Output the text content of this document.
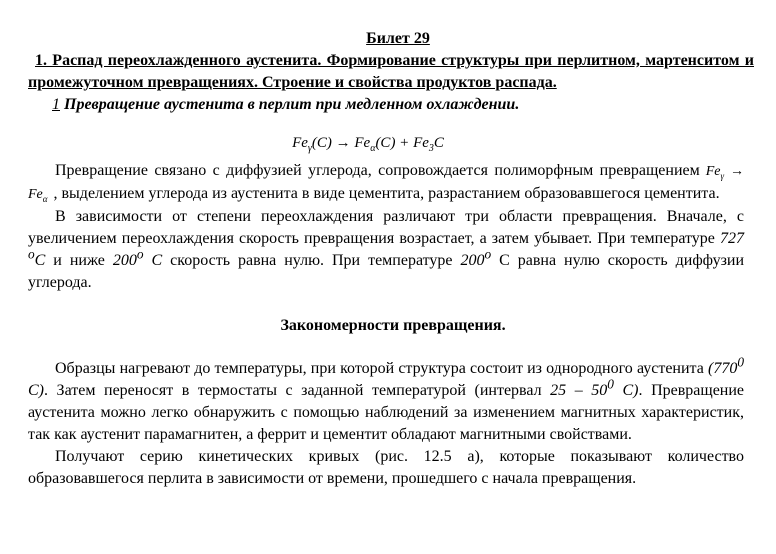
Билет 29

1. Распад переохлажденного аустенита. Формирование структуры при перлитном, мартенситом и промежуточном превращениях. Строение и свойства продуктов распада.

1 Превращение аустенита в перлит при медленном охлаждении.

$Fe_\gamma(C) \to Fe_\alpha(C) + Fe_3C$

Превращение связано с диффузией углерода, сопровождается полиморфным превращением $Fe_\gamma \to Fe_\alpha$ , выделением углерода из аустенита в виде цементита, разрастанием образовавшегося цементита.

В зависимости от степени переохлаждения различают три области превращения. Вначале, с увеличением переохлаждения скорость превращения возрастает, а затем убывает. При температуре 727 $^о$С и ниже $200^о$ С скорость равна нулю. При температуре $200^о$ С равна нулю скорость диффузии углерода.

Закономерности превращения.

Образцы нагревают до температуры, при которой структура состоит из однородного аустенита ($770^0$ С). Затем переносят в термостаты с заданной температурой (интервал $25 - 50^0$ С). Превращение аустенита можно легко обнаружить с помощью наблюдений за изменением магнитных характеристик, так как аустенит парамагнитен, а феррит и цементит обладают магнитными свойствами.

Получают серию кинетических кривых (рис. 12.5 а), которые показывают количество образовавшегося перлита в зависимости от времени, прошедшего с начала превращения.
